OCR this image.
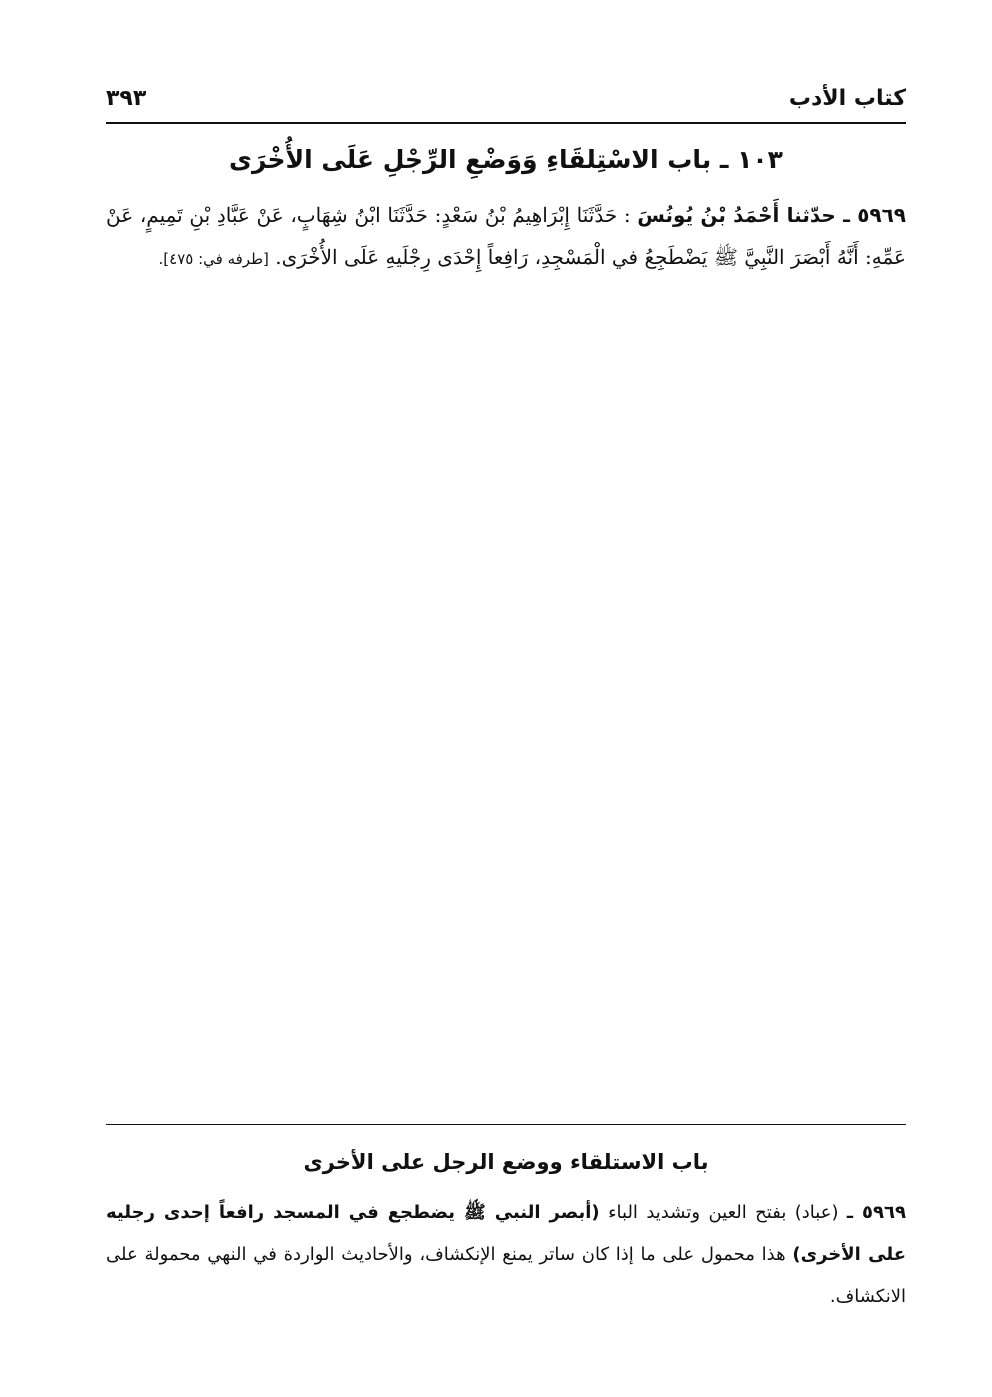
كتاب الأدب
٣٩٣
١٠٣ ـ باب الاسْتِلقَاءِ وَوَضْعِ الرِّجْلِ عَلَى الأُخْرَى
٥٩٦٩ ـ حدّثنا أَحْمَدُ بْنُ يُونُسَ : حَدَّثَنَا إِبْرَاهِيمُ بْنُ سَعْدٍ: حَدَّثَنَا ابْنُ شِهَابٍ، عَنْ عَبَّادِ بْنِ تَمِيمٍ، عَنْ عَمِّهِ: أَنَّهُ أَبْصَرَ النَّبِيَّ ﷺ يَضْطَجِعُ في الْمَسْجِدِ، رَافِعاً إِحْدَى رِجْلَيهِ عَلَى الأُخْرَى. [طرفه في: ٤٧٥].
باب الاستلقاء ووضع الرجل على الأخرى
٥٩٦٩ ـ (عباد) بفتح العين وتشديد الباء (أبصر النبي ﷺ يضطجع في المسجد رافعاً إحدى رجليه على الأخرى) هذا محمول على ما إذا كان ساتر يمنع الإنكشاف، والأحاديث الواردة في النهي محمولة على الانكشاف.
